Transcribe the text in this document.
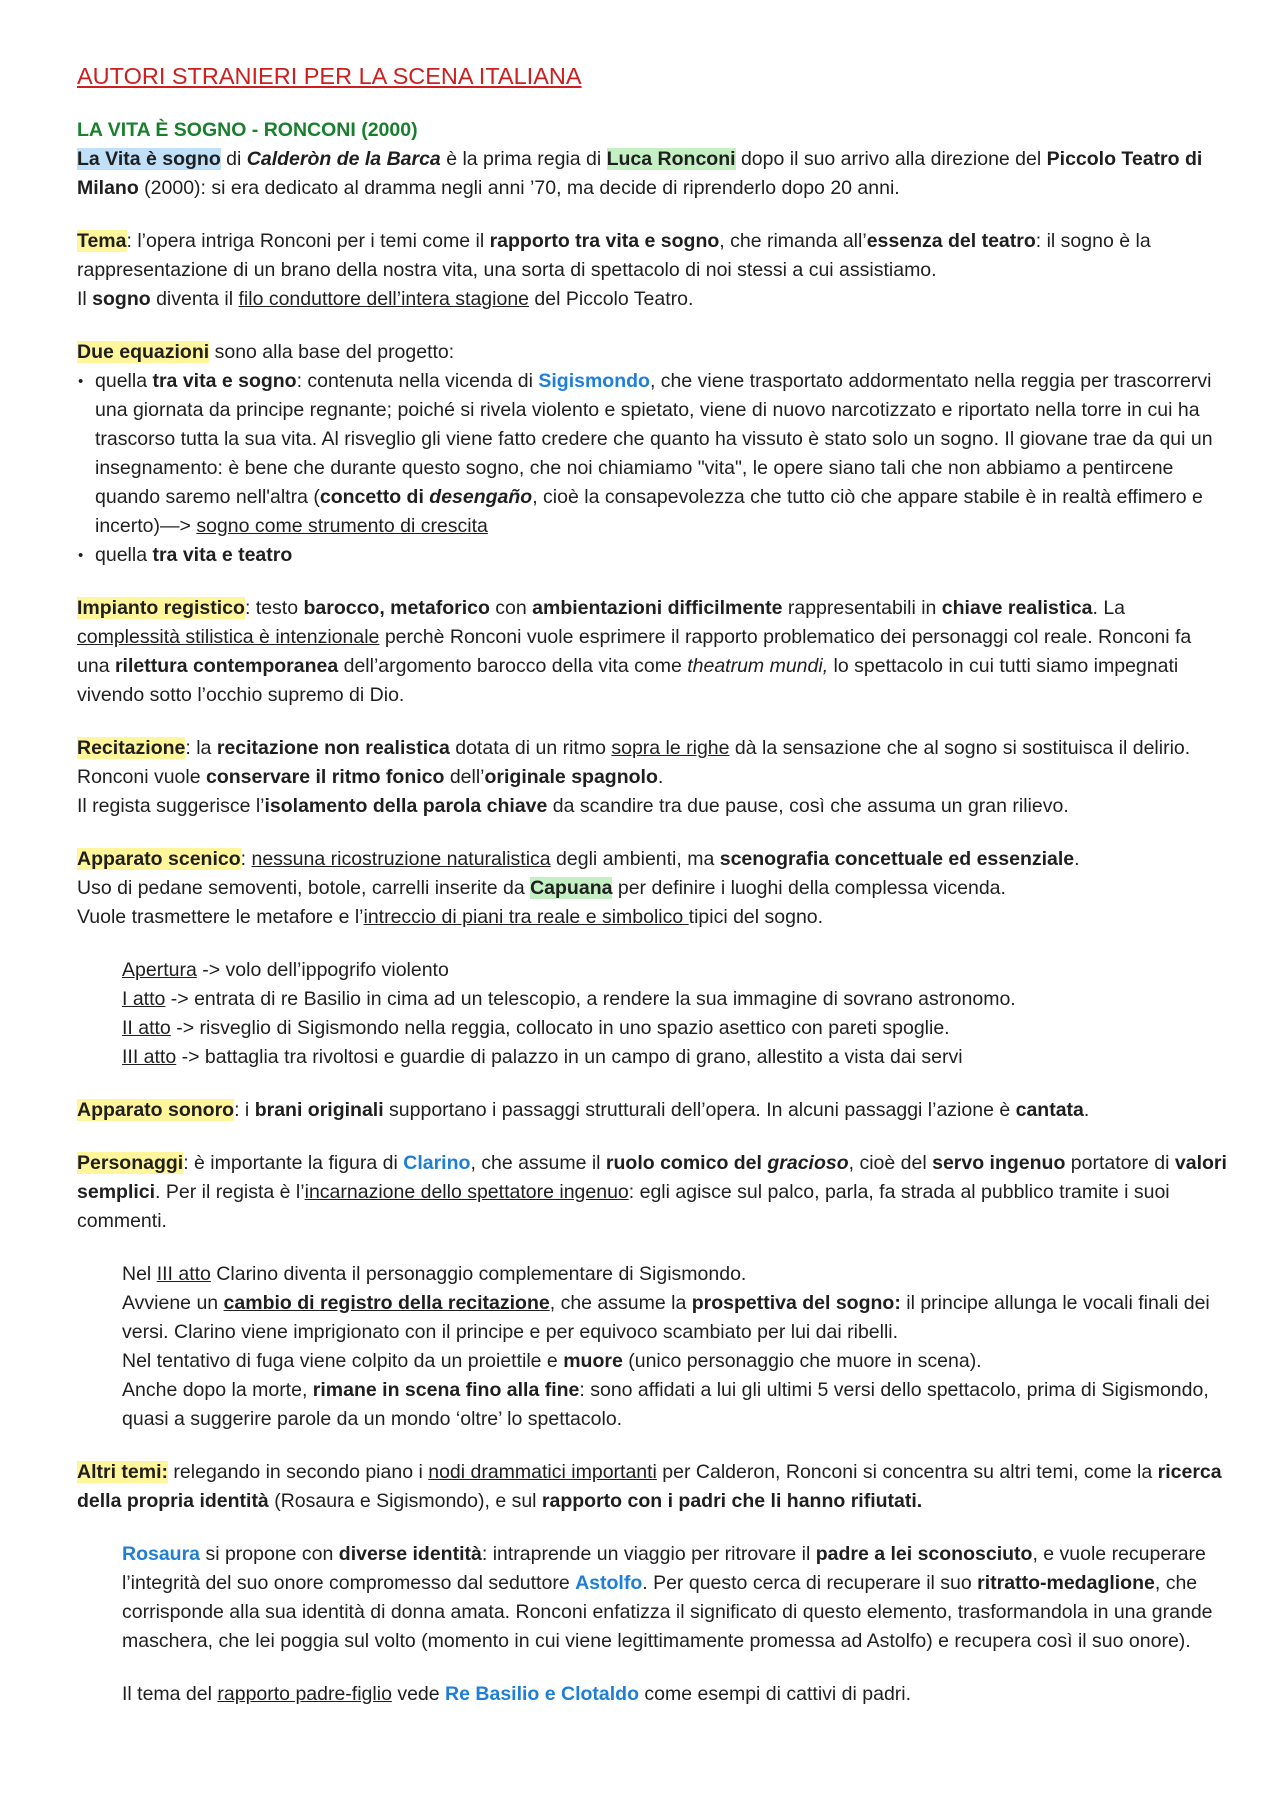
AUTORI STRANIERI PER LA SCENA ITALIANA

LA VITA È SOGNO - RONCONI (2000)

La Vita è sogno di Calderòn de la Barca è la prima regia di Luca Ronconi dopo il suo arrivo alla direzione del Piccolo Teatro di Milano (2000): si era dedicato al dramma negli anni ’70, ma decide di riprenderlo dopo 20 anni.

Tema: l’opera intriga Ronconi per i temi come il rapporto tra vita e sogno, che rimanda all’essenza del teatro: il sogno è la rappresentazione di un brano della nostra vita, una sorta di spettacolo di noi stessi a cui assistiamo.

Il sogno diventa il filo conduttore dell’intera stagione del Piccolo Teatro.

Due equazioni sono alla base del progetto:

• quella tra vita e sogno: contenuta nella vicenda di Sigismondo, che viene trasportato addormentato nella reggia per trascorrervi una giornata da principe regnante; poiché si rivela violento e spietato, viene di nuovo narcotizzato e riportato nella torre in cui ha trascorso tutta la sua vita. Al risveglio gli viene fatto credere che quanto ha vissuto è stato solo un sogno. Il giovane trae da qui un insegnamento: è bene che durante questo sogno, che noi chiamiamo "vita", le opere siano tali che non abbiamo a pentircene quando saremo nell'altra (concetto di desengaño, cioè la consapevolezza che tutto ciò che appare stabile è in realtà effimero e incerto)—> sogno come strumento di crescita
• quella tra vita e teatro

Impianto registico: testo barocco, metaforico con ambientazioni difficilmente rappresentabili in chiave realistica. La complessità stilistica è intenzionale perchè Ronconi vuole esprimere il rapporto problematico dei personaggi col reale. Ronconi fa una rilettura contemporanea dell’argomento barocco della vita come theatrum mundi, lo spettacolo in cui tutti siamo impegnati vivendo sotto l’occhio supremo di Dio.

Recitazione: la recitazione non realistica dotata di un ritmo sopra le righe dà la sensazione che al sogno si sostituisca il delirio. Ronconi vuole conservare il ritmo fonico dell’originale spagnolo.

Il regista suggerisce l’isolamento della parola chiave da scandire tra due pause, così che assuma un gran rilievo.

Apparato scenico: nessuna ricostruzione naturalistica degli ambienti, ma scenografia concettuale ed essenziale.

Uso di pedane semoventi, botole, carrelli inserite da Capuana per definire i luoghi della complessa vicenda.

Vuole trasmettere le metafore e l’intreccio di piani tra reale e simbolico tipici del sogno.

Apertura -> volo dell’ippogrifo violento

I atto -> entrata di re Basilio in cima ad un telescopio, a rendere la sua immagine di sovrano astronomo.

II atto -> risveglio di Sigismondo nella reggia, collocato in uno spazio asettico con pareti spoglie.

III atto -> battaglia tra rivoltosi e guardie di palazzo in un campo di grano, allestito a vista dai servi

Apparato sonoro: i brani originali supportano i passaggi strutturali dell’opera. In alcuni passaggi l’azione è cantata.

Personaggi: è importante la figura di Clarino, che assume il ruolo comico del gracioso, cioè del servo ingenuo portatore di valori semplici. Per il regista è l’incarnazione dello spettatore ingenuo: egli agisce sul palco, parla, fa strada al pubblico tramite i suoi commenti.

Nel III atto Clarino diventa il personaggio complementare di Sigismondo.

Avviene un cambio di registro della recitazione, che assume la prospettiva del sogno: il principe allunga le vocali finali dei versi. Clarino viene imprigionato con il principe e per equivoco scambiato per lui dai ribelli.

Nel tentativo di fuga viene colpito da un proiettile e muore (unico personaggio che muore in scena).

Anche dopo la morte, rimane in scena fino alla fine: sono affidati a lui gli ultimi 5 versi dello spettacolo, prima di Sigismondo, quasi a suggerire parole da un mondo ‘oltre’ lo spettacolo.

Altri temi: relegando in secondo piano i nodi drammatici importanti per Calderon, Ronconi si concentra su altri temi, come la ricerca della propria identità (Rosaura e Sigismondo), e sul rapporto con i padri che li hanno rifiutati.

Rosaura si propone con diverse identità: intraprende un viaggio per ritrovare il padre a lei sconosciuto, e vuole recuperare l’integrità del suo onore compromesso dal seduttore Astolfo. Per questo cerca di recuperare il suo ritratto-medaglione, che corrisponde alla sua identità di donna amata. Ronconi enfatizza il significato di questo elemento, trasformandola in una grande maschera, che lei poggia sul volto (momento in cui viene legittimamente promessa ad Astolfo) e recupera così il suo onore).

Il tema del rapporto padre-figlio vede Re Basilio e Clotaldo come esempi di cattivi di padri.
